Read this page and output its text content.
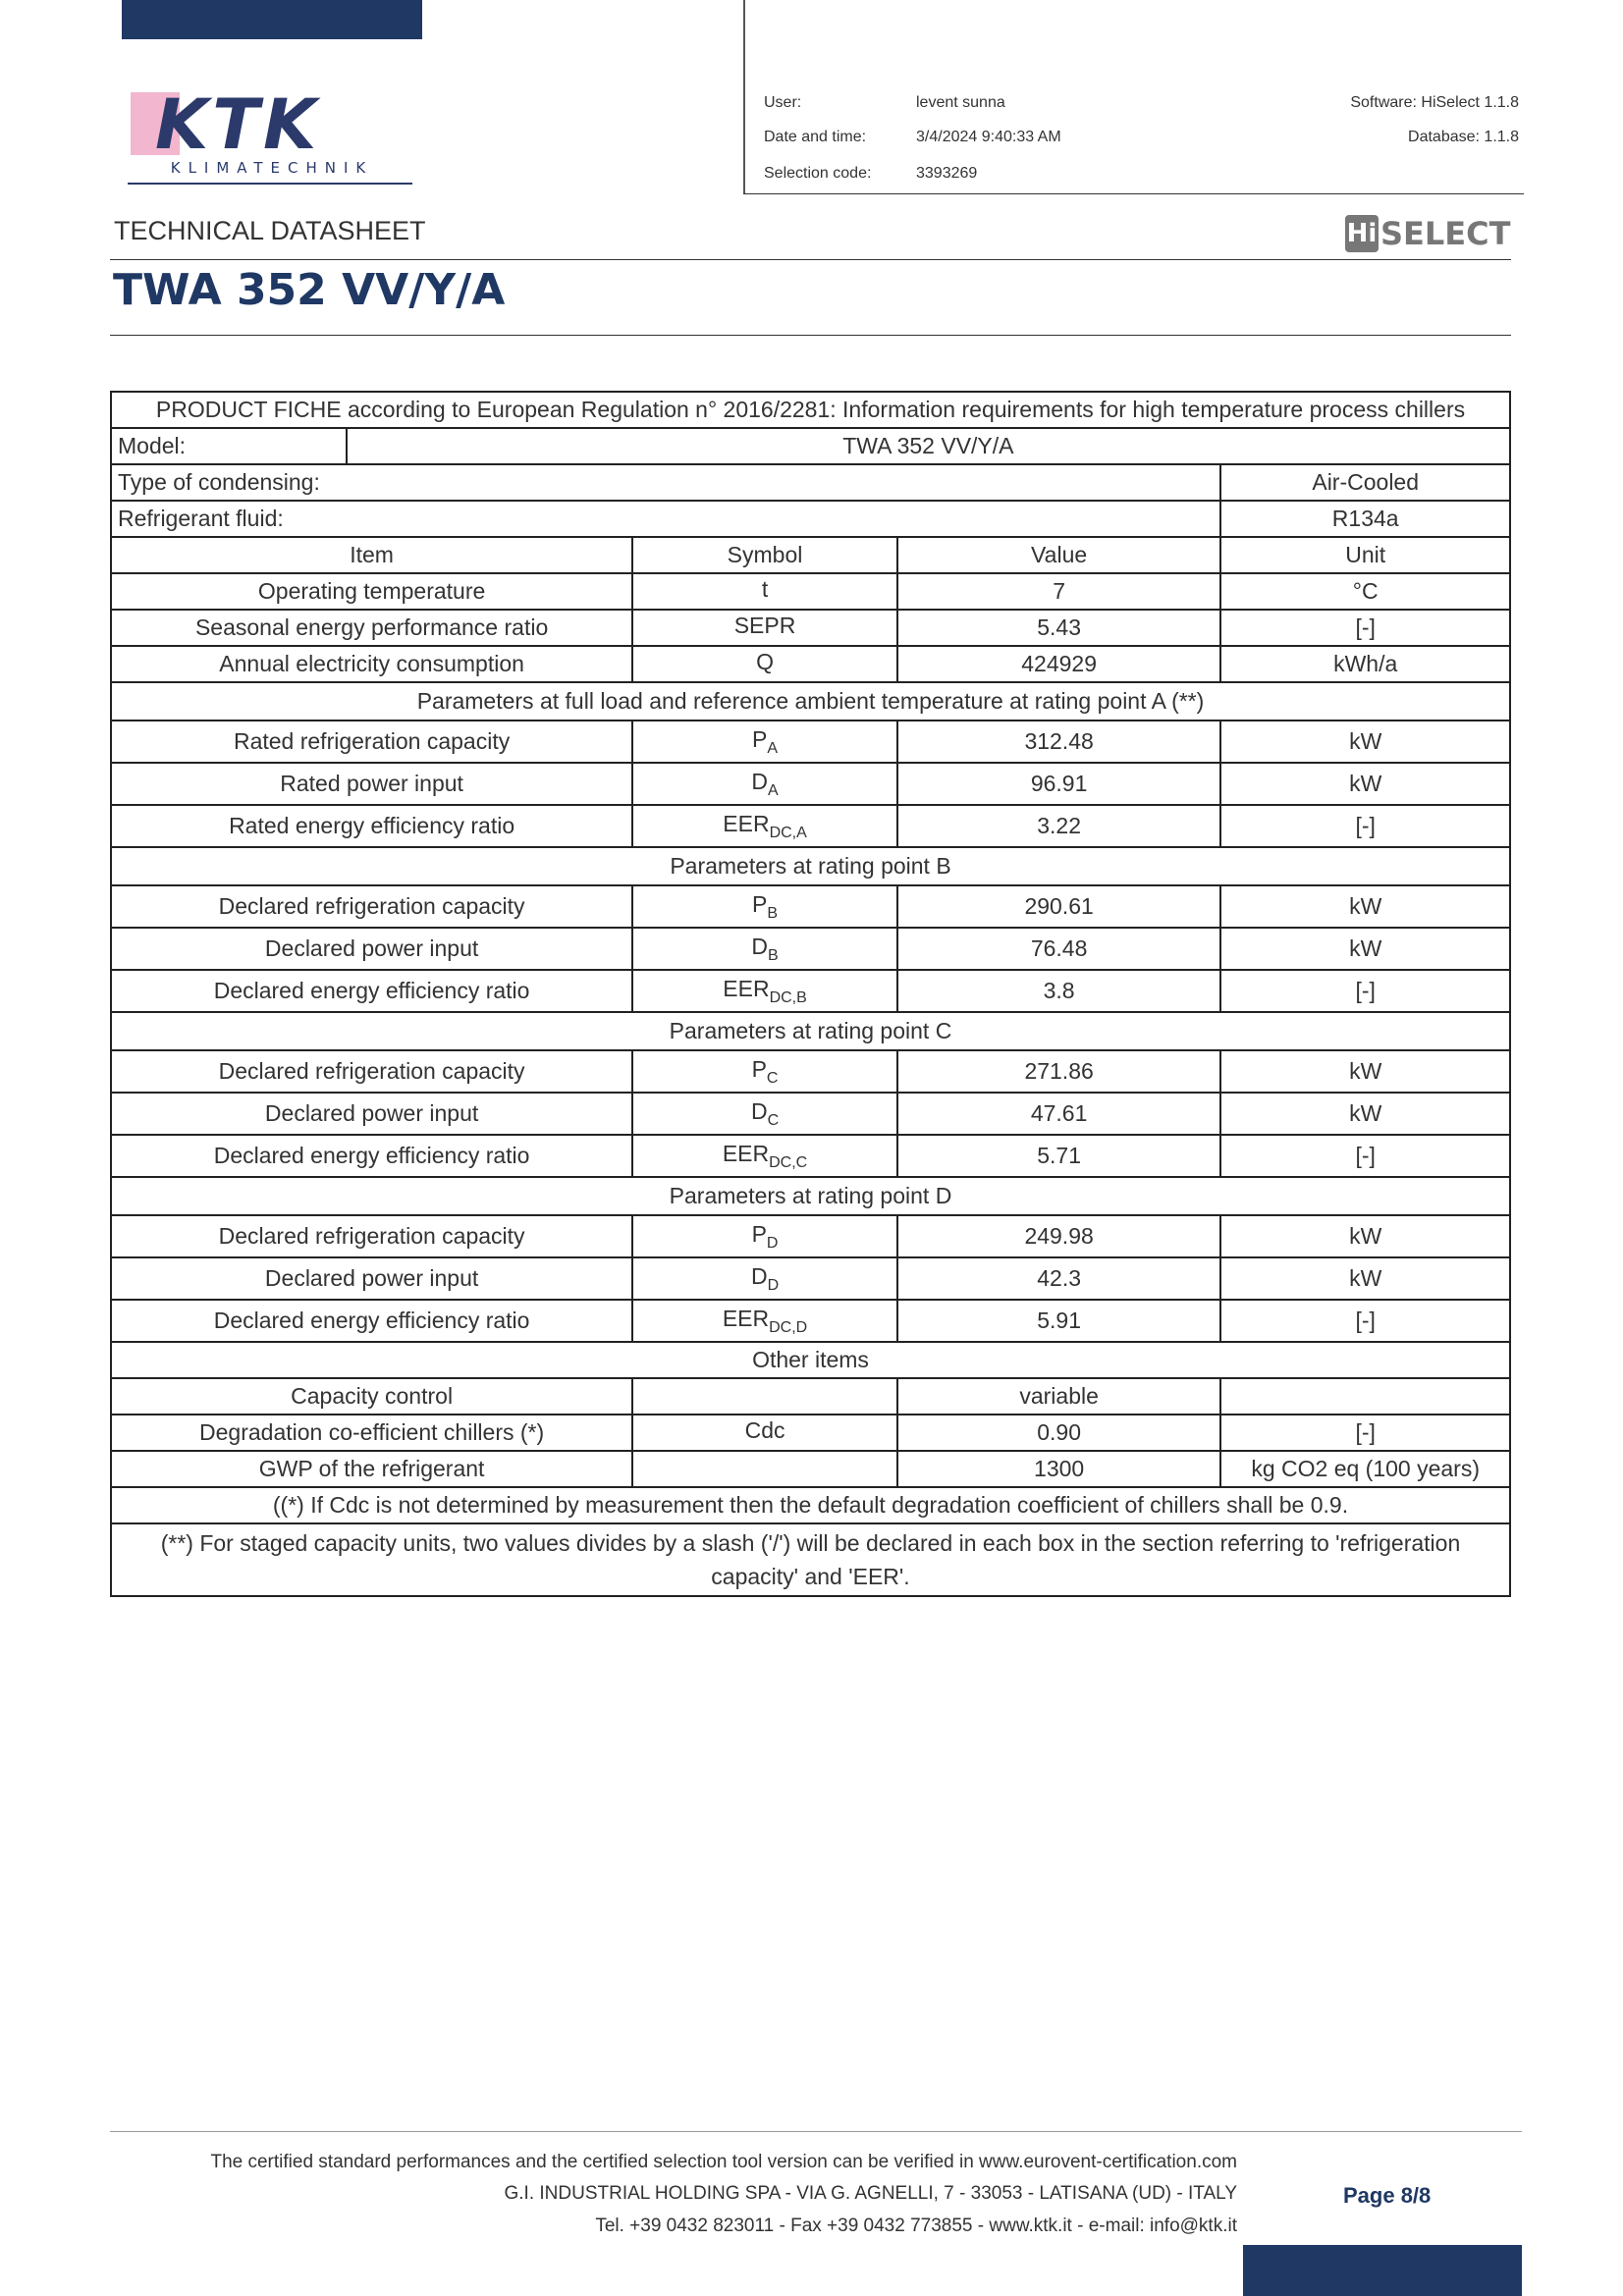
KTK
KLIMATECHNIK
User:	levent sunna
Date and time:	3/4/2024 9:40:33 AM
Selection code:	3393269
Software: HiSelect 1.1.8
Database: 1.1.8
TECHNICAL DATASHEET	Hi SELECT
TWA 352 VV/Y/A
PRODUCT FICHE according to European Regulation n° 2016/2281: Information requirements for high temperature process chillers				
Model:	TWA 352 VV/Y/A			
Type of condensing:				Air-Cooled
Refrigerant fluid:				R134a
Item		Symbol	Value	Unit
Operating temperature		t	7	°C
Seasonal energy performance ratio		SEPR	5.43	[-]
Annual electricity consumption		Q	424929	kWh/a
Parameters at full load and reference ambient temperature at rating point A (**)				
Rated refrigeration capacity		$P_A$	312.48	kW
Rated power input		$D_A$	96.91	kW
Rated energy efficiency ratio		$EER_{DC,A}$	3.22	[-]
Parameters at rating point B				
Declared refrigeration capacity		$P_B$	290.61	kW
Declared power input		$D_B$	76.48	kW
Declared energy efficiency ratio		$EER_{DC,B}$	3.8	[-]
Parameters at rating point C				
Declared refrigeration capacity		$P_C$	271.86	kW
Declared power input		$D_C$	47.61	kW
Declared energy efficiency ratio		$EER_{DC,C}$	5.71	[-]
Parameters at rating point D				
Declared refrigeration capacity		$P_D$	249.98	kW
Declared power input		$D_D$	42.3	kW
Declared energy efficiency ratio		$EER_{DC,D}$	5.91	[-]
Other items				
Capacity control			variable	
Degradation co-efficient chillers (*)		Cdc	0.90	[-]
GWP of the refrigerant			1300	kg CO2 eq (100 years)
((*) If Cdc is not determined by measurement then the default degradation coefficient of chillers shall be 0.9.				
(**) For staged capacity units, two values divides by a slash ('/') will be declared in each box in the section referring to 'refrigeration capacity' and 'EER'.				
The certified standard performances and the certified selection tool version can be verified in www.eurovent-certification.com
G.I. INDUSTRIAL HOLDING SPA - VIA G. AGNELLI, 7 - 33053 - LATISANA (UD) - ITALY
Tel. +39 0432 823011 - Fax +39 0432 773855 - www.ktk.it - e-mail: info@ktk.it
Page 8/8
